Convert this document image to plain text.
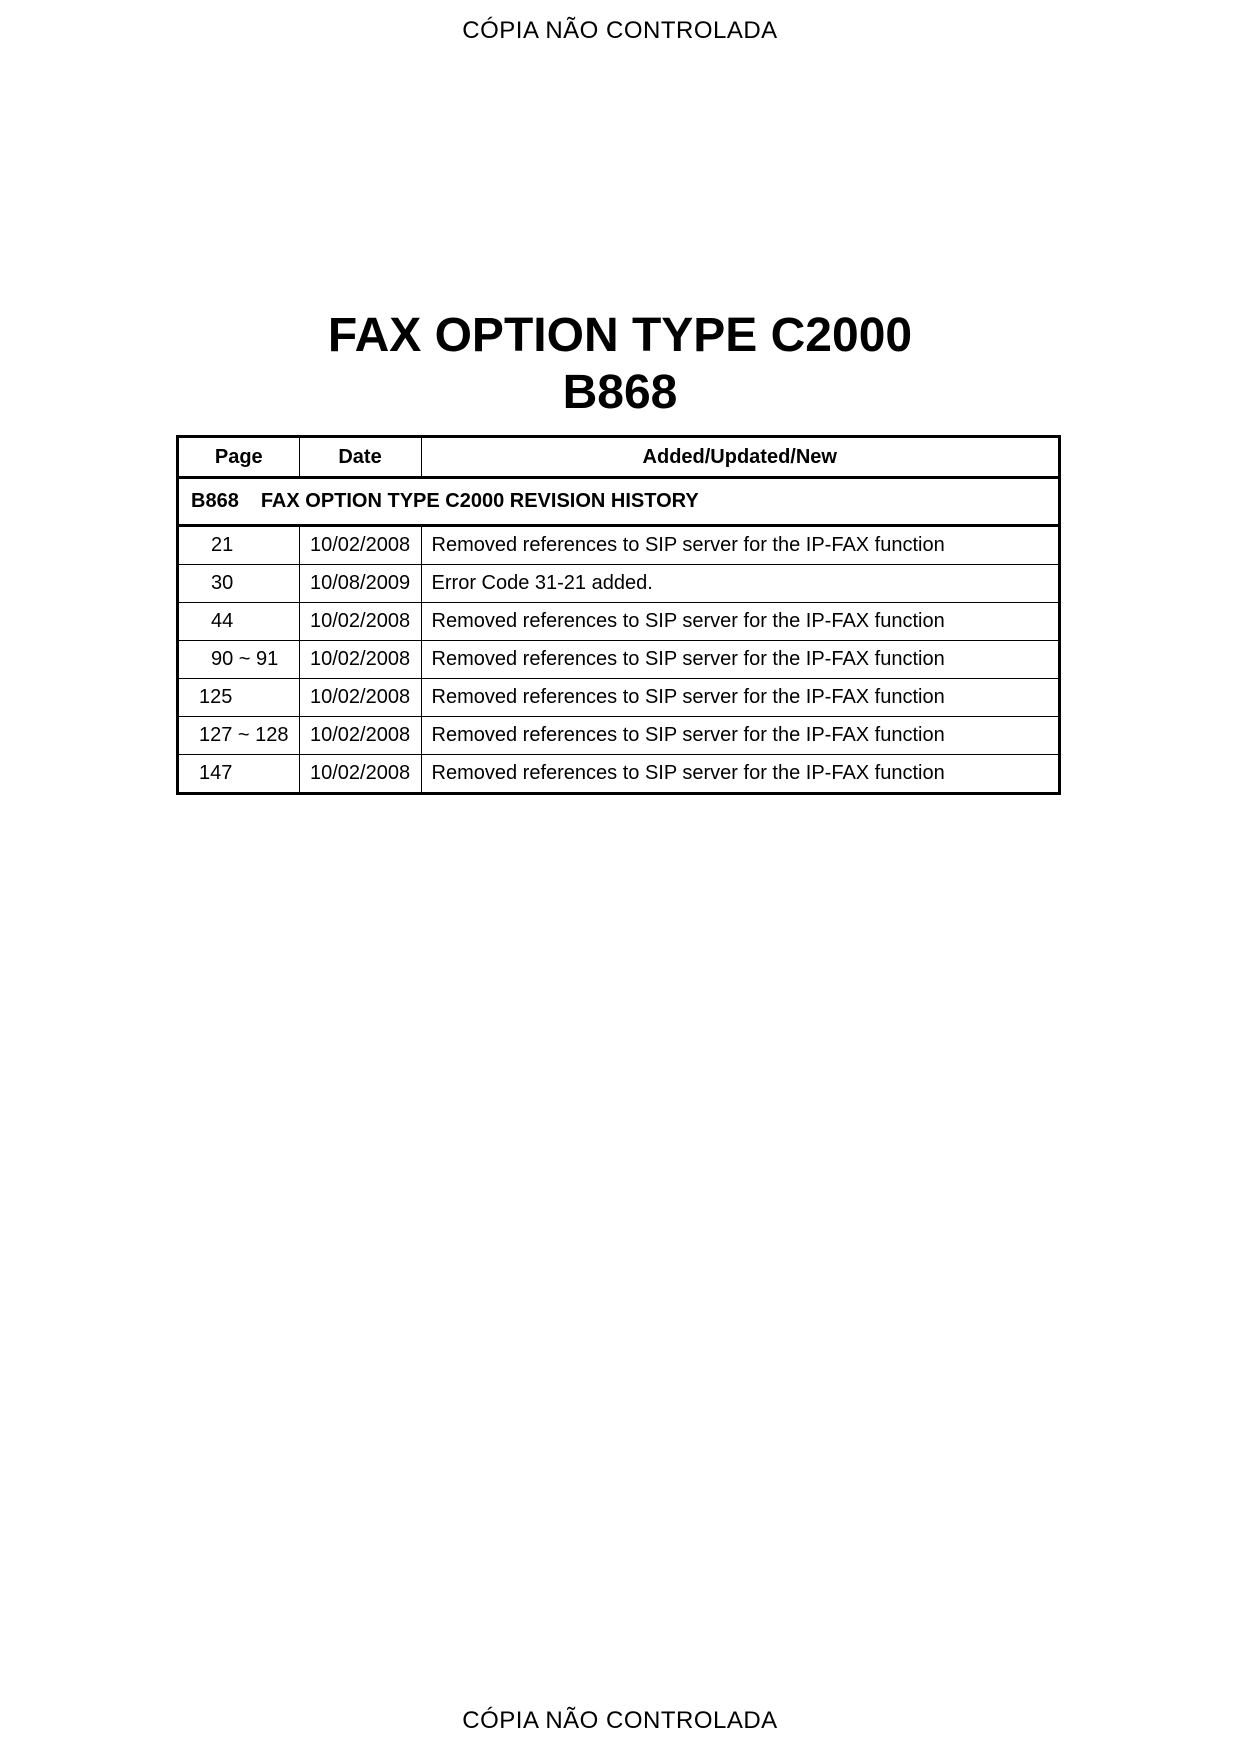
CÓPIA NÃO CONTROLADA
FAX OPTION TYPE C2000
B868
B868 FAX OPTION TYPE C2000 REVISION HISTORY		
Page	Date	Added/Updated/New
21	10/02/2008	Removed references to SIP server for the IP-FAX function
30	10/08/2009	Error Code 31-21 added.
44	10/02/2008	Removed references to SIP server for the IP-FAX function
90 ~ 91	10/02/2008	Removed references to SIP server for the IP-FAX function
125	10/02/2008	Removed references to SIP server for the IP-FAX function
127 ~ 128	10/02/2008	Removed references to SIP server for the IP-FAX function
147	10/02/2008	Removed references to SIP server for the IP-FAX function
CÓPIA NÃO CONTROLADA
